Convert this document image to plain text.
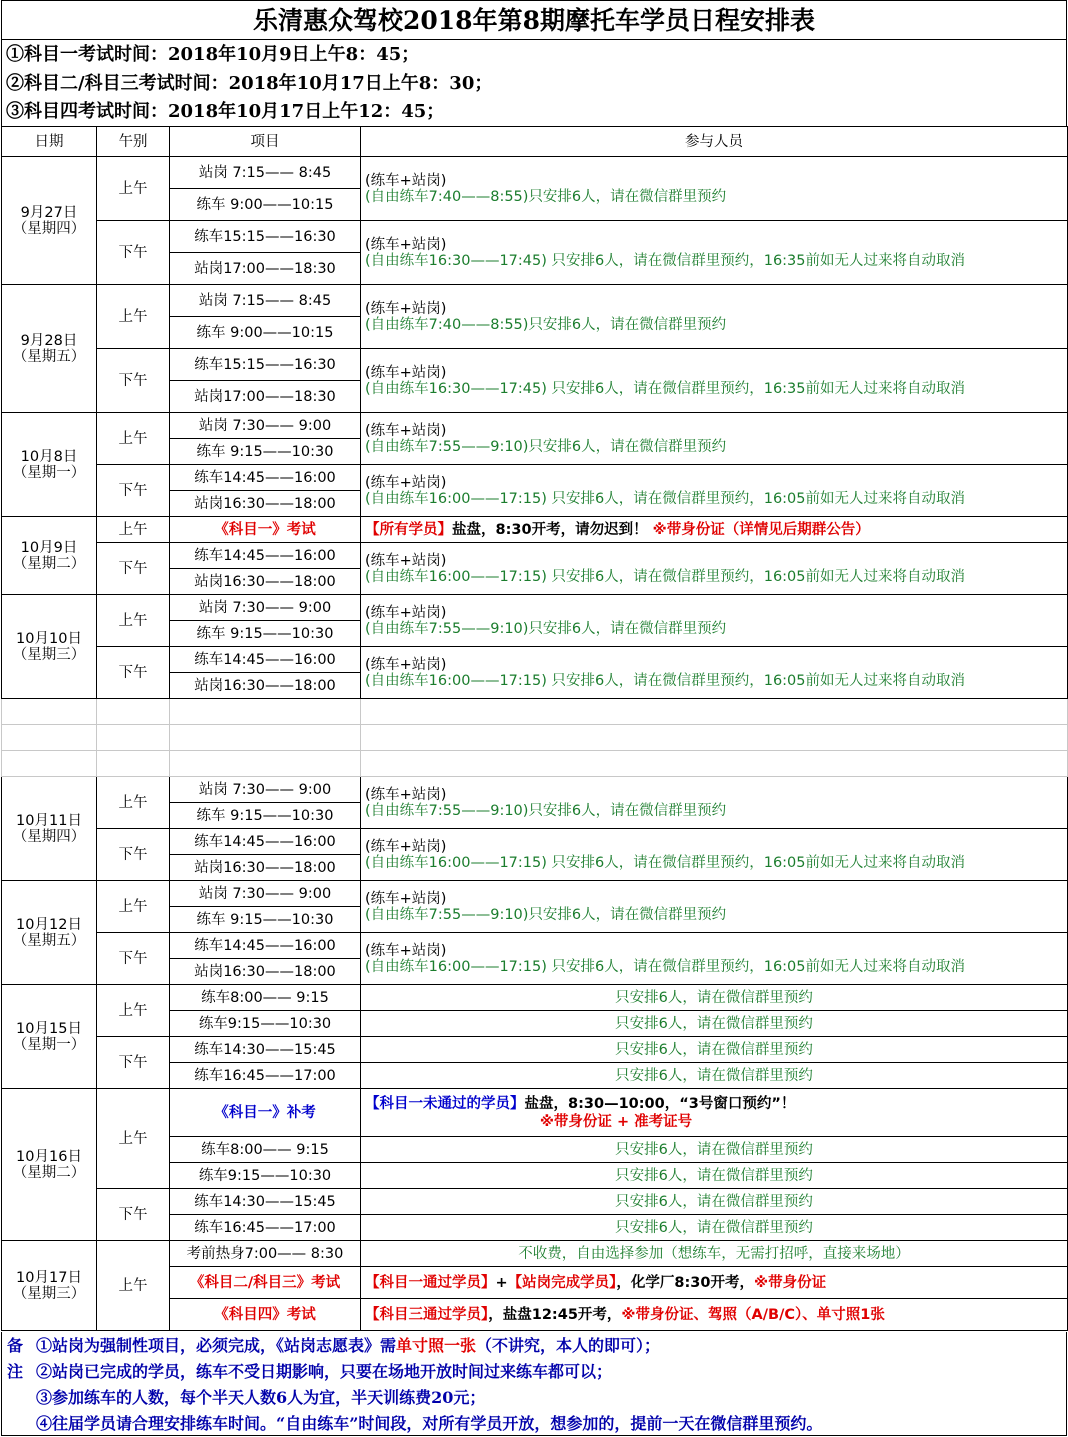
乐清惠众驾校2018年第8期摩托车学员日程安排表
①科目一考试时间：2018年10月9日上午8：45；
②科目二/科目三考试时间：2018年10月17日上午8：30；
③科目四考试时间：2018年10月17日上午12：45；
日期	午别	项目	参与人员
9月27日
（星期四）	上午	站岗 7:15—— 8:45	(练车+站岗)
(自由练车7:40——8:55)只安排6人，请在微信群里预约
		练车 9:00——10:15	
	下午	练车15:15——16:30	(练车+站岗)
(自由练车16:30——17:45) 只安排6人，请在微信群里预约，16:35前如无人过来将自动取消
		站岗17:00——18:30	
9月28日
（星期五）	上午	站岗 7:15—— 8:45	(练车+站岗)
(自由练车7:40——8:55)只安排6人，请在微信群里预约
		练车 9:00——10:15	
	下午	练车15:15——16:30	(练车+站岗)
(自由练车16:30——17:45) 只安排6人，请在微信群里预约，16:35前如无人过来将自动取消
		站岗17:00——18:30	
10月8日
（星期一）	上午	站岗 7:30—— 9:00	(练车+站岗)
(自由练车7:55——9:10)只安排6人，请在微信群里预约
		练车 9:15——10:30	
	下午	练车14:45——16:00	(练车+站岗)
(自由练车16:00——17:15) 只安排6人，请在微信群里预约，16:05前如无人过来将自动取消
		站岗16:30——18:00	
10月9日
（星期二）	上午	《科目一》考试	【所有学员】盐盘，8:30开考，请勿迟到！ ※带身份证（详情见后期群公告）
	下午	练车14:45——16:00	(练车+站岗)
(自由练车16:00——17:15) 只安排6人，请在微信群里预约，16:05前如无人过来将自动取消
		站岗16:30——18:00	
10月10日
（星期三）	上午	站岗 7:30—— 9:00	(练车+站岗)
(自由练车7:55——9:10)只安排6人，请在微信群里预约
		练车 9:15——10:30	
	下午	练车14:45——16:00	(练车+站岗)
(自由练车16:00——17:15) 只安排6人，请在微信群里预约，16:05前如无人过来将自动取消
		站岗16:30——18:00	

10月11日
（星期四）	上午	站岗 7:30—— 9:00	(练车+站岗)
(自由练车7:55——9:10)只安排6人，请在微信群里预约
		练车 9:15——10:30	
	下午	练车14:45——16:00	(练车+站岗)
(自由练车16:00——17:15) 只安排6人，请在微信群里预约，16:05前如无人过来将自动取消
		站岗16:30——18:00	
10月12日
（星期五）	上午	站岗 7:30—— 9:00	(练车+站岗)
(自由练车7:55——9:10)只安排6人，请在微信群里预约
		练车 9:15——10:30	
	下午	练车14:45——16:00	(练车+站岗)
(自由练车16:00——17:15) 只安排6人，请在微信群里预约，16:05前如无人过来将自动取消
		站岗16:30——18:00	
10月15日
（星期一）	上午	练车8:00—— 9:15	只安排6人，请在微信群里预约
		练车9:15——10:30	只安排6人，请在微信群里预约
	下午	练车14:30——15:45	只安排6人，请在微信群里预约
		练车16:45——17:00	只安排6人，请在微信群里预约
10月16日
（星期二）	上午	《科目一》补考	【科目一未通过的学员】盐盘，8:30—10:00，“3号窗口预约”！

※带身份证 + 准考证号

		练车8:00—— 9:15	只安排6人，请在微信群里预约
		练车9:15——10:30	只安排6人，请在微信群里预约
	下午	练车14:30——15:45	只安排6人，请在微信群里预约
		练车16:45——17:00	只安排6人，请在微信群里预约
10月17日
（星期三）	上午	考前热身7:00—— 8:30	不收费，自由选择参加（想练车，无需打招呼，直接来场地）
		《科目二/科目三》考试	【科目一通过学员】+【站岗完成学员】，化学厂8:30开考，※带身份证
		《科目四》考试	【科目三通过学员】，盐盘12:45开考，※带身份证、驾照（A/B/C）、单寸照1张
备
注
①站岗为强制性项目，必须完成，《站岗志愿表》需单寸照一张（不讲究，本人的即可）；
②站岗已完成的学员，练车不受日期影响，只要在场地开放时间过来练车都可以；
③参加练车的人数，每个半天人数6人为宜，半天训练费20元；
④往届学员请合理安排练车时间。“自由练车”时间段，对所有学员开放，想参加的，提前一天在微信群里预约。
